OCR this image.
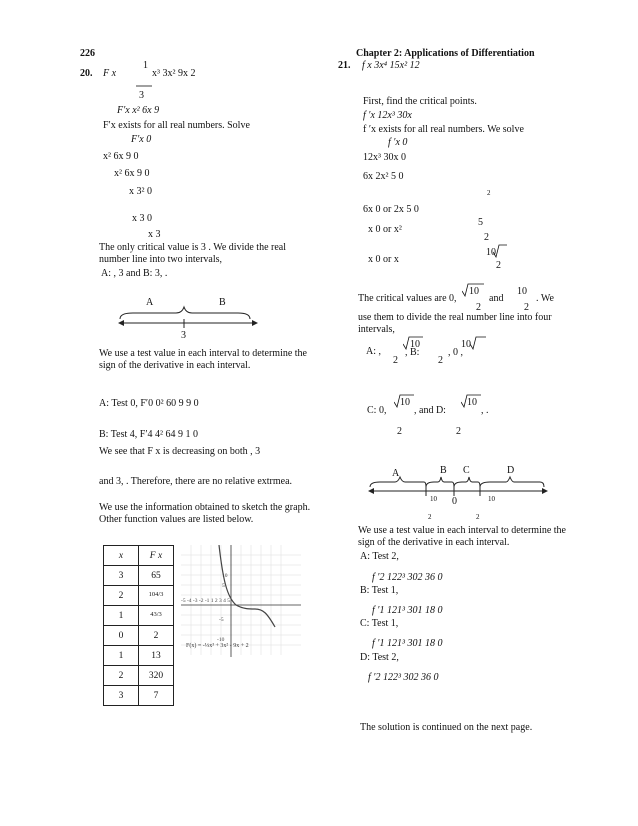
226	Chapter 2: Applications of Differentiation
20. F x
1
x³ 3x² 9x 2
3
F′x x² 6x 9
F′x exists for all real numbers. Solve
F′x 0
x² 6x 9 0
x² 6x 9 0
x 3² 0
x 3 0
x 3
The only critical value is 3 . We divide the real number line into two intervals,
A: , 3 and B: 3, .
A	B
3
We use a test value in each interval to determine the sign of the derivative in each interval.
A: Test 0, F′0 0² 60 9 9 0
B: Test 4, F′4 4² 64 9 1 0
We see that F x is decreasing on both , 3
and 3, . Therefore, there are no relative extrmea.
We use the information obtained to sketch the graph. Other function values are listed below.
x	F x
3	65
2	104/3
1	43/3
0	2
1	13
2	320
3	7
-5 -4 -3 -2 -1 1 2 3 4 5
10
5
-5
-10
F(x) = -⅓x³ + 3x² - 9x + 2
21. f x 3x⁴ 15x² 12
First, find the critical points.
f ′x 12x³ 30x
f ′x exists for all real numbers. We solve
f ′x 0
12x³ 30x 0
6x 2x² 5 0
2
6x 0 or 2x 5 0
x 0 or x²
5
2
x 0 or x
10
2
The critical values are 0,
10
2
and
10
2
. We
use them to divide the real number line into four intervals,
A: ,
10
2
, B:
10
2
, 0 ,
C: 0,
10
2
, and D:
10
2
, .
A	B C	D
10 0	10
2	2
We use a test value in each interval to determine the sign of the derivative in each interval.
A: Test 2,
f ′2 122³ 302 36 0
B: Test 1,
f ′1 121³ 301 18 0
C: Test 1,
f ′1 121³ 301 18 0
D: Test 2,
f ′2 122³ 302 36 0
The solution is continued on the next page.
